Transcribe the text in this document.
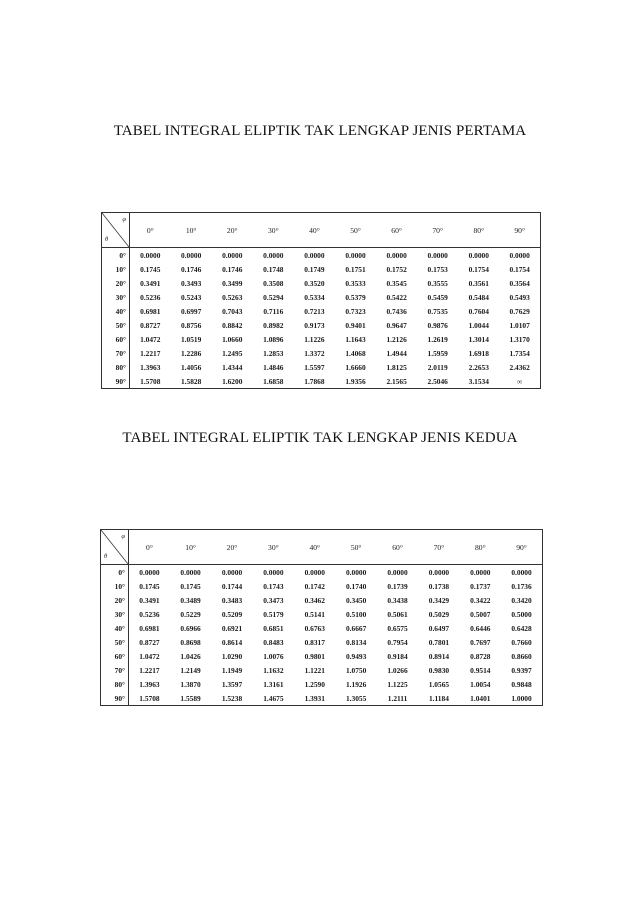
TABEL INTEGRAL ELIPTIK TAK LENGKAP JENIS PERTAMA
φ
θ	0°	10°	20°	30°	40°	50°	60°	70°	80°	90°
0°	0.0000	0.0000	0.0000	0.0000	0.0000	0.0000	0.0000	0.0000	0.0000	0.0000
10°	0.1745	0.1746	0.1746	0.1748	0.1749	0.1751	0.1752	0.1753	0.1754	0.1754
20°	0.3491	0.3493	0.3499	0.3508	0.3520	0.3533	0.3545	0.3555	0.3561	0.3564
30°	0.5236	0.5243	0.5263	0.5294	0.5334	0.5379	0.5422	0.5459	0.5484	0.5493
40°	0.6981	0.6997	0.7043	0.7116	0.7213	0.7323	0.7436	0.7535	0.7604	0.7629
50°	0.8727	0.8756	0.8842	0.8982	0.9173	0.9401	0.9647	0.9876	1.0044	1.0107
60°	1.0472	1.0519	1.0660	1.0896	1.1226	1.1643	1.2126	1.2619	1.3014	1.3170
70°	1.2217	1.2286	1.2495	1.2853	1.3372	1.4068	1.4944	1.5959	1.6918	1.7354
80°	1.3963	1.4056	1.4344	1.4846	1.5597	1.6660	1.8125	2.0119	2.2653	2.4362
90°	1.5708	1.5828	1.6200	1.6858	1.7868	1.9356	2.1565	2.5046	3.1534	∞
TABEL INTEGRAL ELIPTIK TAK LENGKAP JENIS KEDUA
φ
θ	0°	10°	20°	30°	40°	50°	60°	70°	80°	90°
0°	0.0000	0.0000	0.0000	0.0000	0.0000	0.0000	0.0000	0.0000	0.0000	0.0000
10°	0.1745	0.1745	0.1744	0.1743	0.1742	0.1740	0.1739	0.1738	0.1737	0.1736
20°	0.3491	0.3489	0.3483	0.3473	0.3462	0.3450	0.3438	0.3429	0.3422	0.3420
30°	0.5236	0.5229	0.5209	0.5179	0.5141	0.5100	0.5061	0.5029	0.5007	0.5000
40°	0.6981	0.6966	0.6921	0.6851	0.6763	0.6667	0.6575	0.6497	0.6446	0.6428
50°	0.8727	0.8698	0.8614	0.8483	0.8317	0.8134	0.7954	0.7801	0.7697	0.7660
60°	1.0472	1.0426	1.0290	1.0076	0.9801	0.9493	0.9184	0.8914	0.8728	0.8660
70°	1.2217	1.2149	1.1949	1.1632	1.1221	1.0750	1.0266	0.9830	0.9514	0.9397
80°	1.3963	1.3870	1.3597	1.3161	1.2590	1.1926	1.1225	1.0565	1.0054	0.9848
90°	1.5708	1.5589	1.5238	1.4675	1.3931	1.3055	1.2111	1.1184	1.0401	1.0000
